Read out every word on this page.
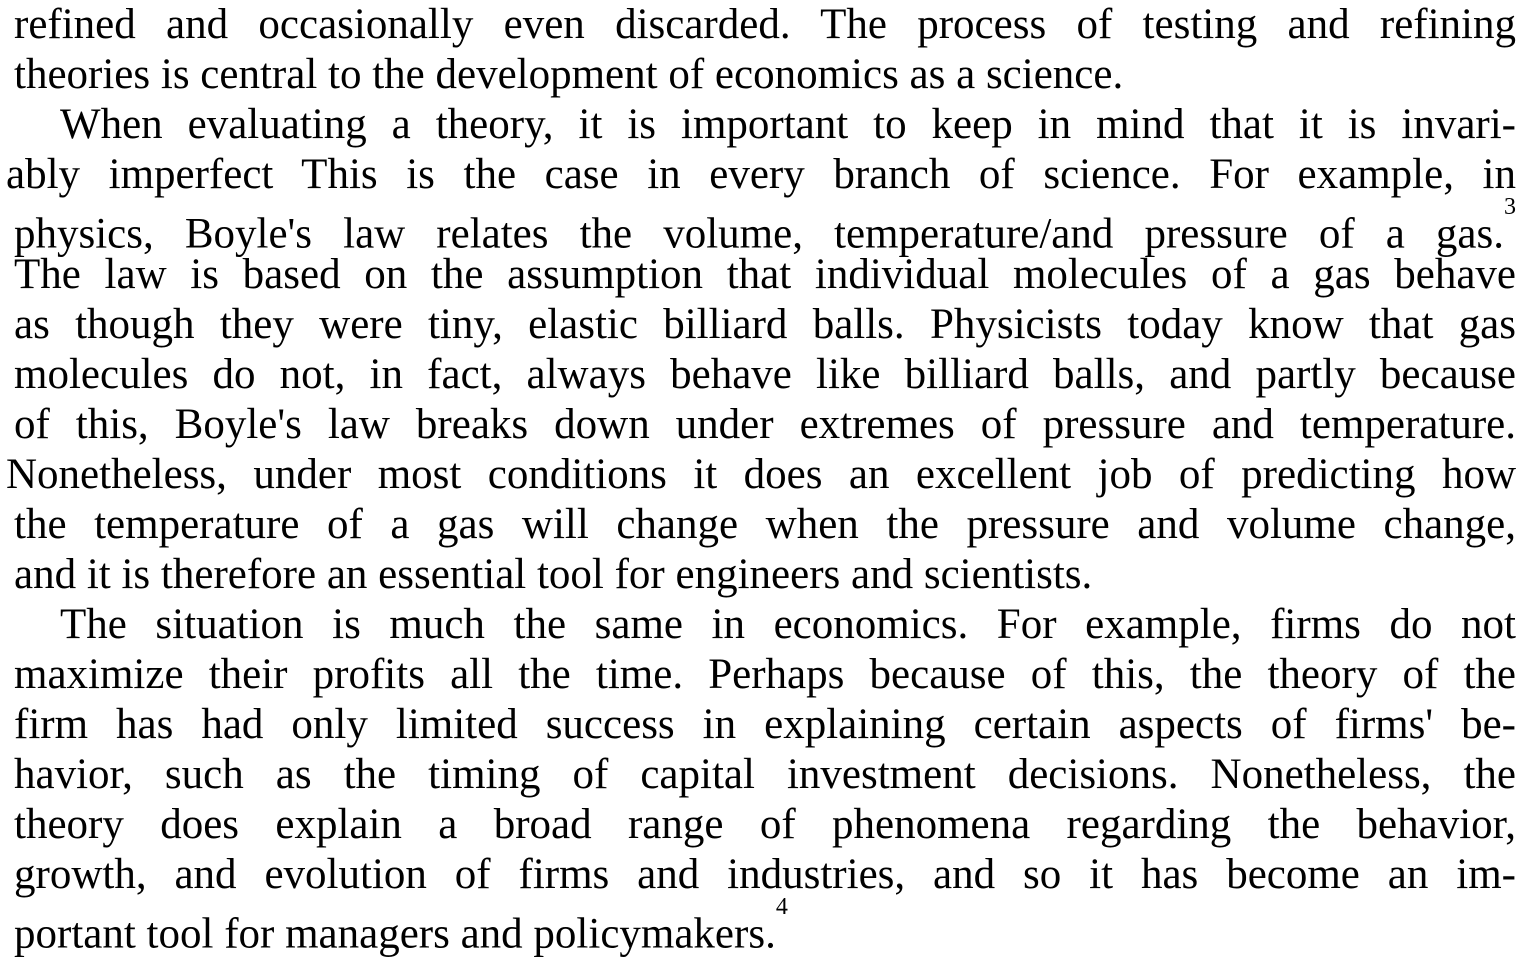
refined and occasionally even discarded. The process of testing and refining
theories is central to the development of economics as a science.
When evaluating a theory, it is important to keep in mind that it is invari-
ably imperfect This is the case in every branch of science. For example, in
physics, Boyle's law relates the volume, temperature/and pressure of a gas.$^3$
The law is based on the assumption that individual molecules of a gas behave
as though they were tiny, elastic billiard balls. Physicists today know that gas
molecules do not, in fact, always behave like billiard balls, and partly because
of this, Boyle's law breaks down under extremes of pressure and temperature.
Nonetheless, under most conditions it does an excellent job of predicting how
the temperature of a gas will change when the pressure and volume change,
and it is therefore an essential tool for engineers and scientists.
The situation is much the same in economics. For example, firms do not
maximize their profits all the time. Perhaps because of this, the theory of the
firm has had only limited success in explaining certain aspects of firms' be-
havior, such as the timing of capital investment decisions. Nonetheless, the
theory does explain a broad range of phenomena regarding the behavior,
growth, and evolution of firms and industries, and so it has become an im-
portant tool for managers and policymakers.$^4$
